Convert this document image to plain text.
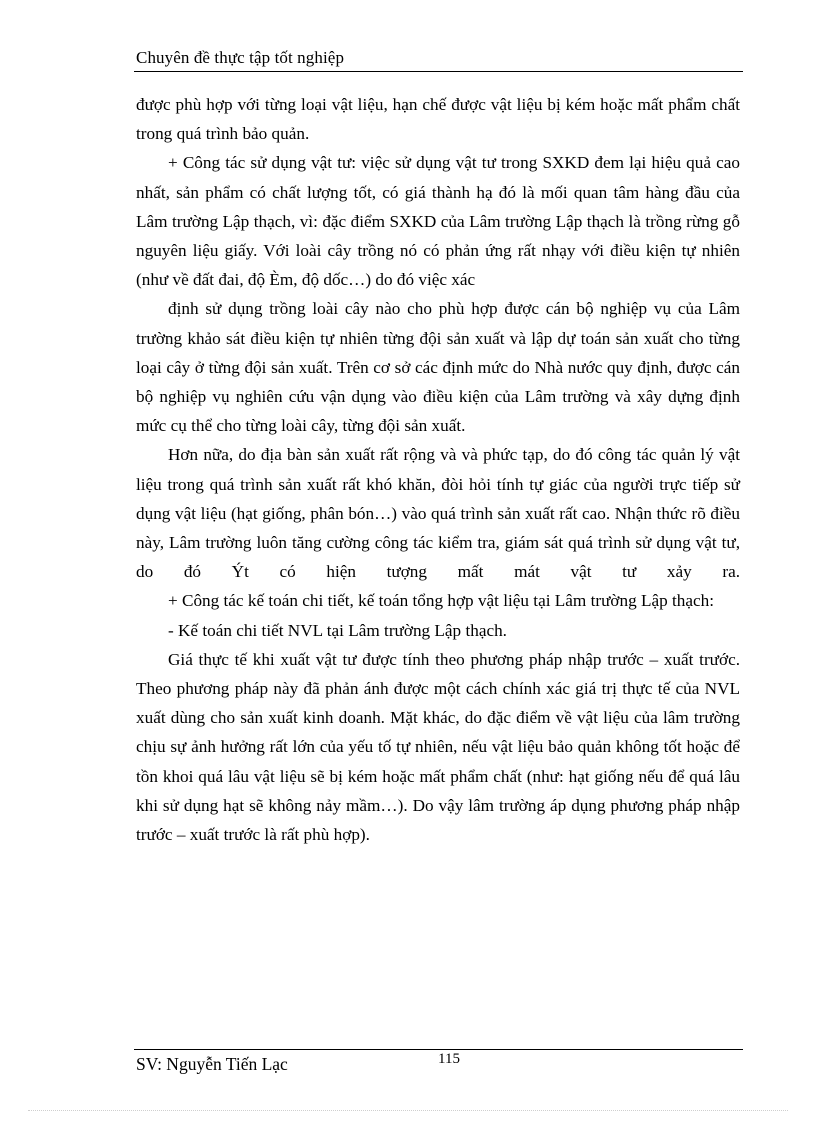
Chuyên đề thực tập tốt nghiệp

được phù hợp với từng loại vật liệu, hạn chế được vật liệu bị kém hoặc mất phẩm chất trong quá trình bảo quản.

+ Công tác sử dụng vật tư: việc sử dụng vật tư trong SXKD đem lại hiệu quả cao nhất, sản phẩm có chất lượng tốt, có giá thành hạ đó là mối quan tâm hàng đầu của Lâm trường Lập thạch, vì: đặc điểm SXKD của Lâm trường Lập thạch là trồng rừng gỗ nguyên liệu giấy. Với loài cây trồng nó có phản ứng rất nhạy với điều kiện tự nhiên (như về đất đai, độ Èm, độ dốc…) do đó việc xác

định sử dụng trồng loài cây nào cho phù hợp được cán bộ nghiệp vụ của Lâm trường khảo sát điều kiện tự nhiên từng đội sản xuất và lập dự toán sản xuất cho từng loại cây ở từng đội sản xuất. Trên cơ sở các định mức do Nhà nước quy định, được cán bộ nghiệp vụ nghiên cứu vận dụng vào điều kiện của Lâm trường và xây dựng định mức cụ thể cho từng loài cây, từng đội sản xuất.

Hơn nữa, do địa bàn sản xuất rất rộng và và phức tạp, do đó công tác quản lý vật liệu trong quá trình sản xuất rất khó khăn, đòi hỏi tính tự giác của người trực tiếp sử dụng vật liệu (hạt giống, phân bón…) vào quá trình sản xuất rất cao. Nhận thức rõ điều này, Lâm trường luôn tăng cường công tác kiểm tra, giám sát quá trình sử dụng vật tư, do đó Ýt có hiện tượng mất mát vật tư xảy ra.

+ Công tác kế toán chi tiết, kế toán tổng hợp vật liệu tại Lâm trường Lập thạch:

- Kế toán chi tiết NVL tại Lâm trường Lập thạch.

Giá thực tế khi xuất vật tư được tính theo phương pháp nhập trước – xuất trước. Theo phương pháp này đã phản ánh được một cách chính xác giá trị thực tế của NVL xuất dùng cho sản xuất kinh doanh. Mặt khác, do đặc điểm về vật liệu của lâm trường chịu sự ảnh hưởng rất lớn của yếu tố tự nhiên, nếu vật liệu bảo quản không tốt hoặc để tồn khoi quá lâu vật liệu sẽ bị kém hoặc mất phẩm chất (như: hạt giống nếu để quá lâu khi sử dụng hạt sẽ không nảy mầm…). Do vậy lâm trường áp dụng phương pháp nhập trước – xuất trước là rất phù hợp).

SV: Nguyễn Tiến Lạc	115
